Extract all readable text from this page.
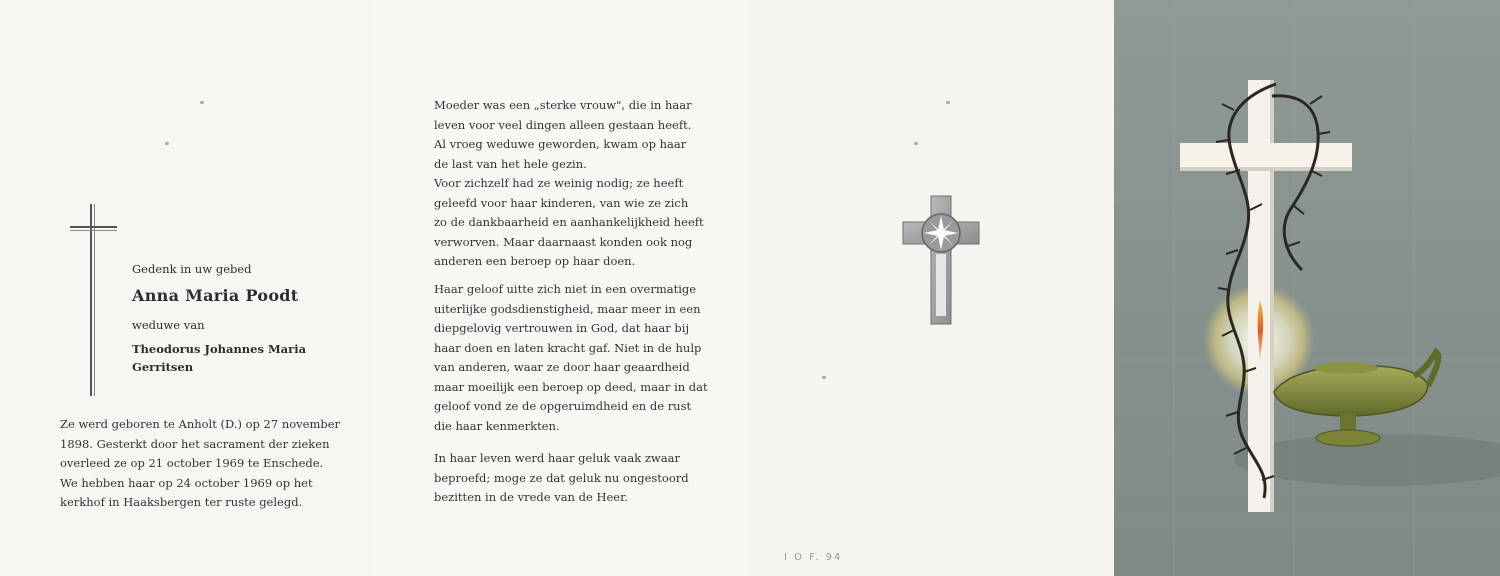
Gedenk in uw gebed
Anna Maria Poodt
weduwe van
Theodorus Johannes Maria
Gerritsen
Ze werd geboren te Anholt (D.) op 27 november
1898. Gesterkt door het sacrament der zieken
overleed ze op 21 october 1969 te Enschede.
We hebben haar op 24 october 1969 op het
kerkhof in Haaksbergen ter ruste gelegd.
Moeder was een „sterke vrouw", die in haar
leven voor veel dingen alleen gestaan heeft.
Al vroeg weduwe geworden, kwam op haar
de last van het hele gezin.
Voor zichzelf had ze weinig nodig; ze heeft
geleefd voor haar kinderen, van wie ze zich
zo de dankbaarheid en aanhankelijkheid heeft
verworven. Maar daarnaast konden ook nog
anderen een beroep op haar doen.
Haar geloof uitte zich niet in een overmatige
uiterlijke godsdienstigheid, maar meer in een
diepgelovig vertrouwen in God, dat haar bij
haar doen en laten kracht gaf. Niet in de hulp
van anderen, waar ze door haar geaardheid
maar moeilijk een beroep op deed, maar in dat
geloof vond ze de opgeruimdheid en de rust
die haar kenmerkten.
In haar leven werd haar geluk vaak zwaar
beproefd; moge ze dat geluk nu ongestoord
bezitten in de vrede van de Heer.
I O F. 94
